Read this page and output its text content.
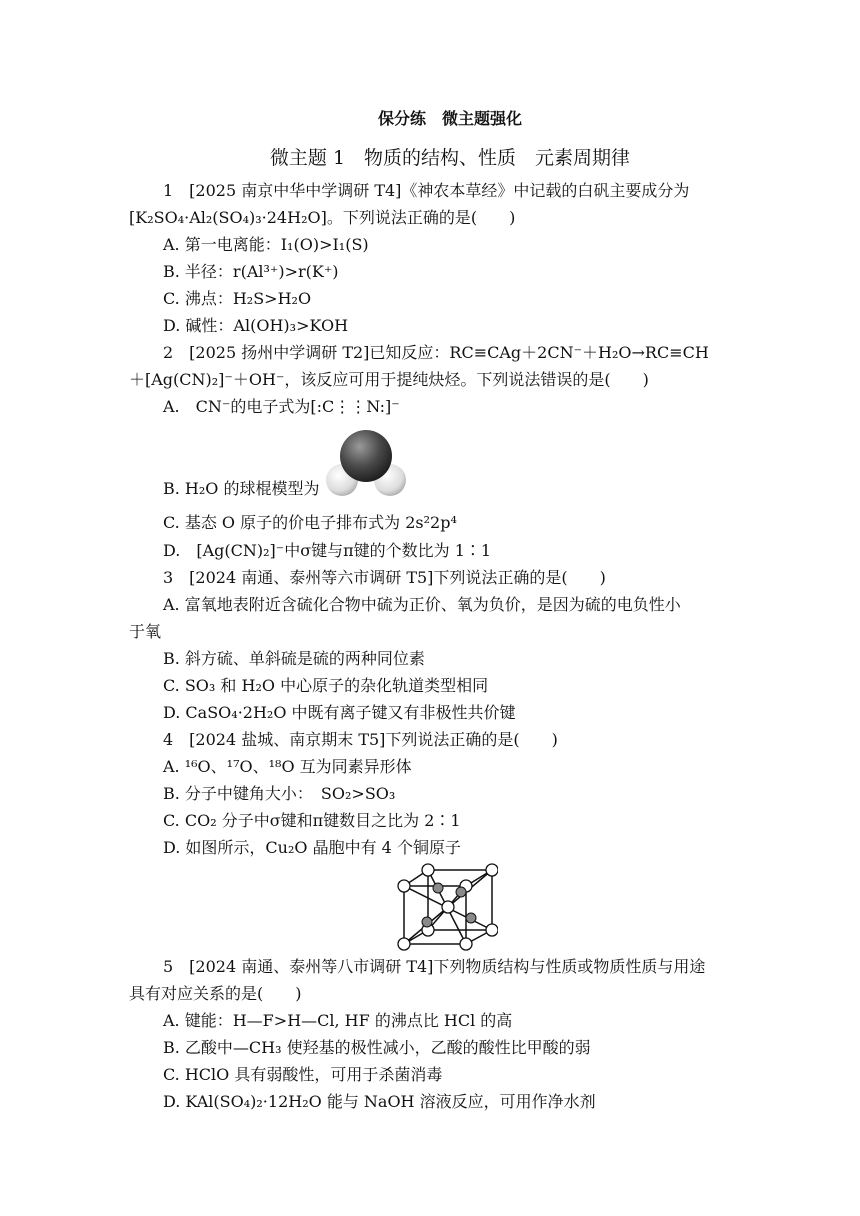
保分练　微主题强化
微主题 1　物质的结构、性质　元素周期律
1　[2025 南京中华中学调研 T4]《神农本草经》中记载的白矾主要成分为
[K₂SO₄·Al₂(SO₄)₃·24H₂O]。下列说法正确的是(　　)
A. 第一电离能：I₁(O)>I₁(S)
B. 半径：r(Al³⁺)>r(K⁺)
C. 沸点：H₂S>H₂O
D. 碱性：Al(OH)₃>KOH
2　[2025 扬州中学调研 T2]已知反应：RC≡CAg＋2CN⁻＋H₂O→RC≡CH
＋[Ag(CN)₂]⁻＋OH⁻，该反应可用于提纯炔烃。下列说法错误的是(　　)
A.　CN⁻的电子式为[:C⋮⋮N:]⁻
B. H₂O 的球棍模型为
C. 基态 O 原子的价电子排布式为 2s²2p⁴
D.　[Ag(CN)₂]⁻中σ键与π键的个数比为 1∶1
3　[2024 南通、泰州等六市调研 T5]下列说法正确的是(　　)
A. 富氧地表附近含硫化合物中硫为正价、氧为负价，是因为硫的电负性小
于氧
B. 斜方硫、单斜硫是硫的两种同位素
C. SO₃ 和 H₂O 中心原子的杂化轨道类型相同
D. CaSO₄·2H₂O 中既有离子键又有非极性共价键
4　[2024 盐城、南京期末 T5]下列说法正确的是(　　)
A. ¹⁶O、¹⁷O、¹⁸O 互为同素异形体
B. 分子中键角大小：　SO₂>SO₃
C. CO₂ 分子中σ键和π键数目之比为 2∶1
D. 如图所示，Cu₂O 晶胞中有 4 个铜原子
5　[2024 南通、泰州等八市调研 T4]下列物质结构与性质或物质性质与用途
具有对应关系的是(　　)
A. 键能：H—F>H—Cl, HF 的沸点比 HCl 的高
B. 乙酸中—CH₃ 使羟基的极性减小，乙酸的酸性比甲酸的弱
C. HClO 具有弱酸性，可用于杀菌消毒
D. KAl(SO₄)₂·12H₂O 能与 NaOH 溶液反应，可用作净水剂
